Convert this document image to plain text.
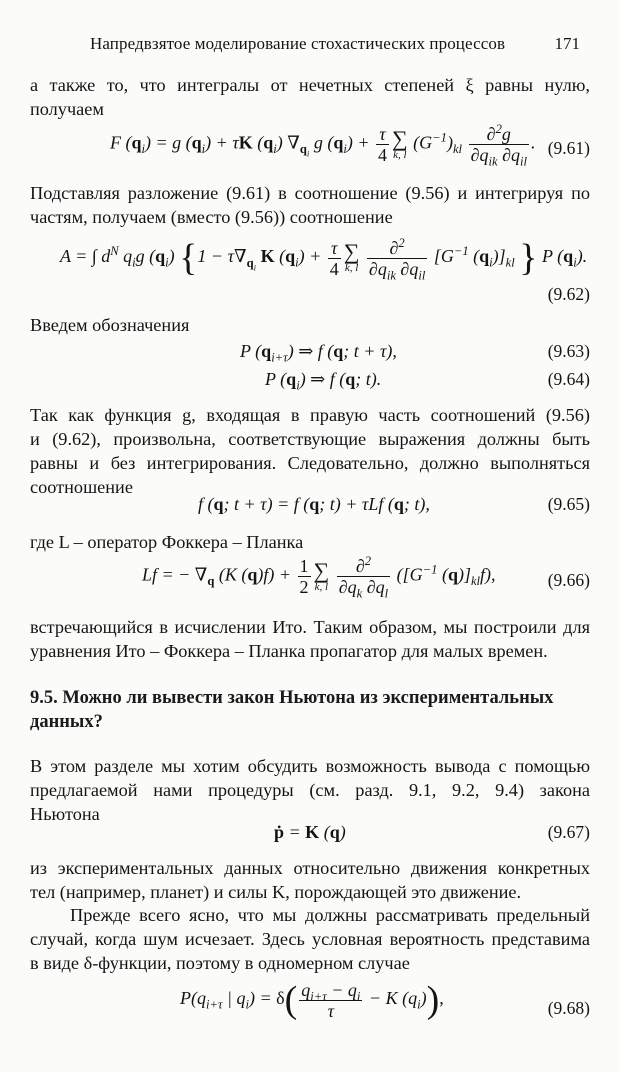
Напредвзятое моделирование стохастических процессов	171

а также то, что интегралы от нечетных степеней ξ равны нулю,
получаем

F $(q_i) = g$ $(q_i) + \tau K$ $(q_i)$ $\nabla_{q_i}$ g $(q_i) + \frac{\tau}{4}$ ∑
k, l
$(G^{-1})_{kl} \frac{\partial^2g}{\partial q_{ik} \partial q_{il}}$ . (9.61)

Подставляя разложение (9.61) в соотношение (9.56) и интегрируя по
частям, получаем (вместо (9.56)) соотношение

A = ∫ $d^N$ $q_ig$ $(q_i) \{1 - \tau\nabla_{q_i}$ K $(q_i) + \frac{\tau}{4}$ ∑
k, l
$\frac{\partial^2}{\partial q_{ik} \partial q_{il}} [G^{-1}$ $(q_i)]_{kl}$ } P $(q_i)$.
(9.62)

Введем обозначения

P $(q_{i+\tau})$ ⇒ f (q; t + τ),	(9.63)
P $(q_i)$ ⇒ f (q; t).	(9.64)

Так как функция g, входящая в правую часть соотношений (9.56)
и (9.62), произвольна, соответствующие выражения должны быть
равны и без интегрирования. Следовательно, должно выполняться
соотношение

f (q; t + τ) = f (q; t) + τLf (q; t),	(9.65)

где L – оператор Фоккера – Планка

Lf = − $\nabla_q$ (K $(q)f) + \frac{1}{2}$ ∑
k, l
$\frac{\partial^2}{\partial q_k \partial q_l} ([G^{-1}$ $(q)]_{kl}f$),	(9.66)

встречающийся в исчислении Ито. Таким образом, мы построили для
уравнения Ито – Фоккера – Планка пропагатор для малых времен.

9.5. Можно ли вывести закон Ньютона из экспериментальных
данных?

В этом разделе мы хотим обсудить возможность вывода с помощью
предлагаемой нами процедуры (см. разд. 9.1, 9.2, 9.4) закона
Ньютона

ṗ = K (q)	(9.67)

из экспериментальных данных относительно движения конкретных
тел (например, планет) и силы K, порождающей это движение.

Прежде всего ясно, что мы должны рассматривать предельный
случай, когда шум исчезает. Здесь условная вероятность представима
в виде δ-функции, поэтому в одномерном случае

$P(q_{i+\tau}$ | $q_i) = \delta( \frac{q_{i+\tau} - q_i}{\tau} - K$ $(q_i)$),	(9.68)
